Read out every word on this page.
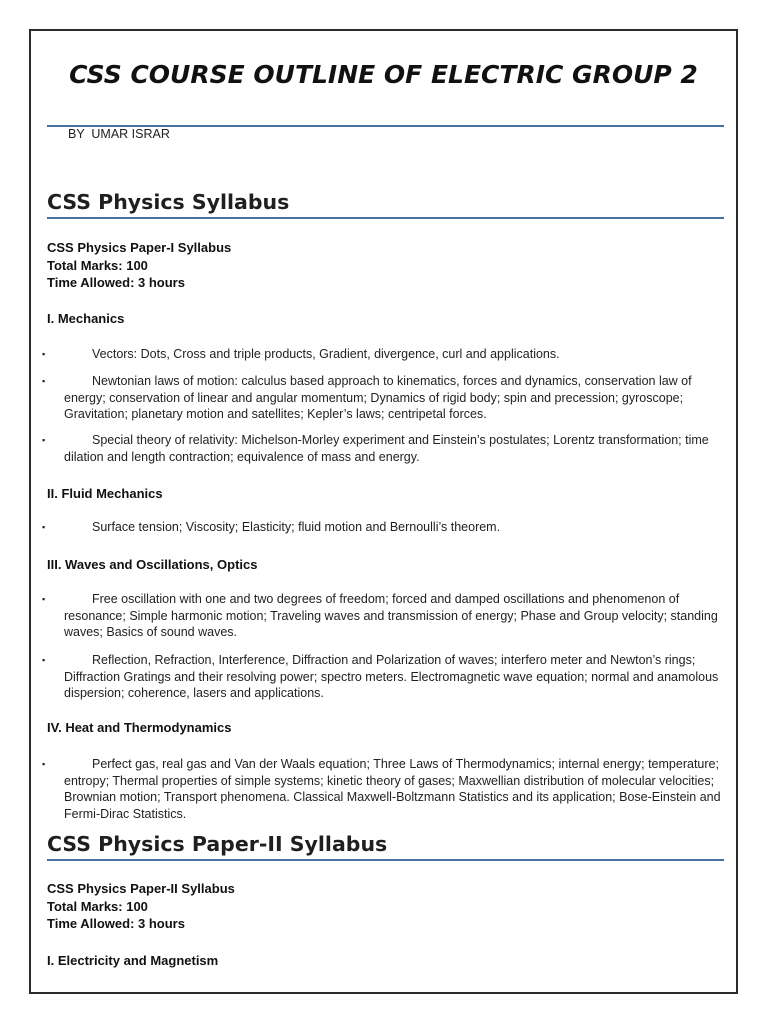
CSS COURSE OUTLINE OF ELECTRIC GROUP 2
BY  UMAR ISRAR
CSS Physics Syllabus
CSS Physics Paper-I Syllabus
Total Marks: 100
Time Allowed: 3 hours
I. Mechanics
▪	Vectors: Dots, Cross and triple products, Gradient, divergence, curl and applications.
▪	Newtonian laws of motion: calculus based approach to kinematics, forces and dynamics, conservation law of energy; conservation of linear and angular momentum; Dynamics of rigid body; spin and precession; gyroscope; Gravitation; planetary motion and satellites; Kepler’s laws; centripetal forces.
▪	Special theory of relativity: Michelson-Morley experiment and Einstein’s postulates; Lorentz transformation; time dilation and length contraction; equivalence of mass and energy.
II. Fluid Mechanics
▪	Surface tension; Viscosity; Elasticity; fluid motion and Bernoulli’s theorem.
III. Waves and Oscillations, Optics
▪	Free oscillation with one and two degrees of freedom; forced and damped oscillations and phenomenon of resonance; Simple harmonic motion; Traveling waves and transmission of energy; Phase and Group velocity; standing waves; Basics of sound waves.
▪	Reflection, Refraction, Interference, Diffraction and Polarization of waves; interfero meter and Newton’s rings; Diffraction Gratings and their resolving power; spectro meters. Electromagnetic wave equation; normal and anamolous dispersion; coherence, lasers and applications.
IV. Heat and Thermodynamics
▪	Perfect gas, real gas and Van der Waals equation; Three Laws of Thermodynamics; internal energy; temperature; entropy; Thermal properties of simple systems; kinetic theory of gases; Maxwellian distribution of molecular velocities; Brownian motion; Transport phenomena. Classical Maxwell-Boltzmann Statistics and its application; Bose-Einstein and Fermi-Dirac Statistics.
CSS Physics Paper-II Syllabus
CSS Physics Paper-II Syllabus
Total Marks: 100
Time Allowed: 3 hours
I. Electricity and Magnetism
